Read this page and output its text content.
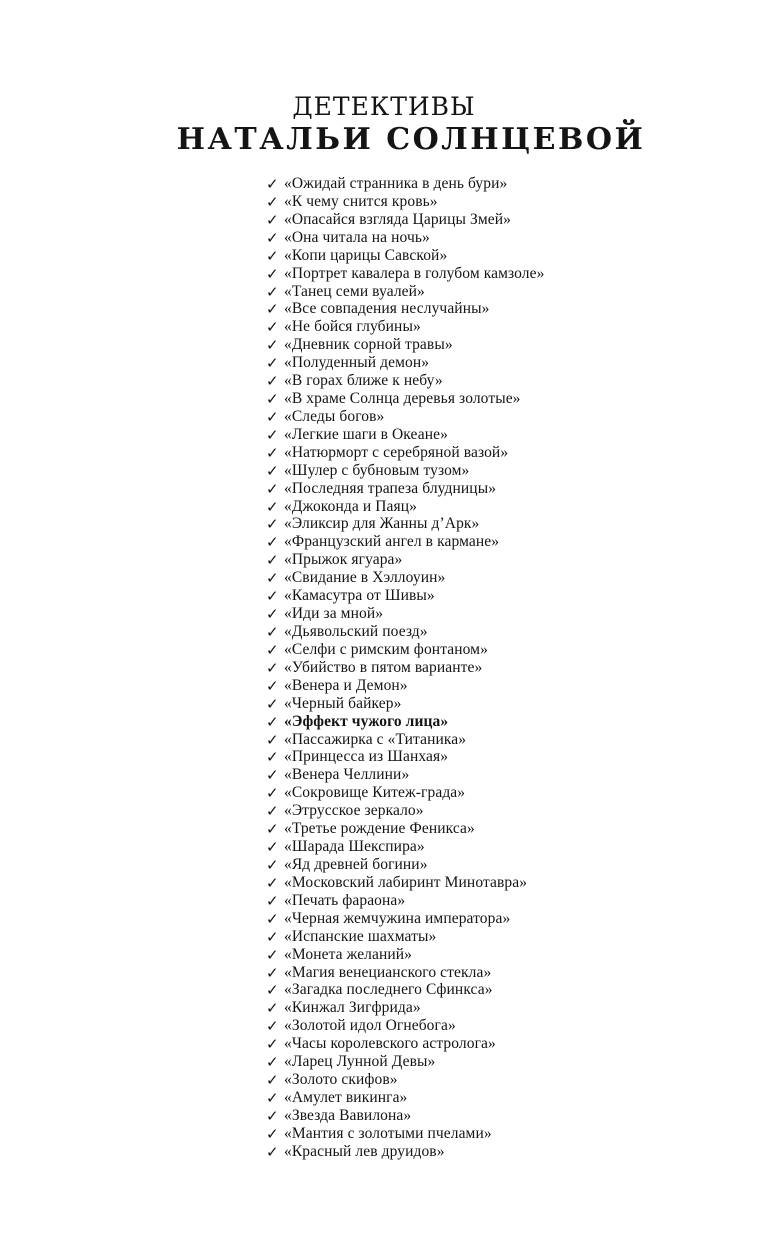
ДЕТЕКТИВЫ
НАТАЛЬИ СОЛНЦЕВОЙ
✓ «Ожидай странника в день бури»
✓ «К чему снится кровь»
✓ «Опасайся взгляда Царицы Змей»
✓ «Она читала на ночь»
✓ «Копи царицы Савской»
✓ «Портрет кавалера в голубом камзоле»
✓ «Танец семи вуалей»
✓ «Все совпадения неслучайны»
✓ «Не бойся глубины»
✓ «Дневник сорной травы»
✓ «Полуденный демон»
✓ «В горах ближе к небу»
✓ «В храме Солнца деревья золотые»
✓ «Следы богов»
✓ «Легкие шаги в Океане»
✓ «Натюрморт с серебряной вазой»
✓ «Шулер с бубновым тузом»
✓ «Последняя трапеза блудницы»
✓ «Джоконда и Паяц»
✓ «Эликсир для Жанны д’Арк»
✓ «Французский ангел в кармане»
✓ «Прыжок ягуара»
✓ «Свидание в Хэллоуин»
✓ «Камасутра от Шивы»
✓ «Иди за мной»
✓ «Дьявольский поезд»
✓ «Селфи с римским фонтаном»
✓ «Убийство в пятом варианте»
✓ «Венера и Демон»
✓ «Черный байкер»
✓ «Эффект чужого лица»
✓ «Пассажирка с «Титаника»
✓ «Принцесса из Шанхая»
✓ «Венера Челлини»
✓ «Сокровище Китеж-града»
✓ «Этрусское зеркало»
✓ «Третье рождение Феникса»
✓ «Шарада Шекспира»
✓ «Яд древней богини»
✓ «Московский лабиринт Минотавра»
✓ «Печать фараона»
✓ «Черная жемчужина императора»
✓ «Испанские шахматы»
✓ «Монета желаний»
✓ «Магия венецианского стекла»
✓ «Загадка последнего Сфинкса»
✓ «Кинжал Зигфрида»
✓ «Золотой идол Огнебога»
✓ «Часы королевского астролога»
✓ «Ларец Лунной Девы»
✓ «Золото скифов»
✓ «Амулет викинга»
✓ «Звезда Вавилона»
✓ «Мантия с золотыми пчелами»
✓ «Красный лев друидов»
